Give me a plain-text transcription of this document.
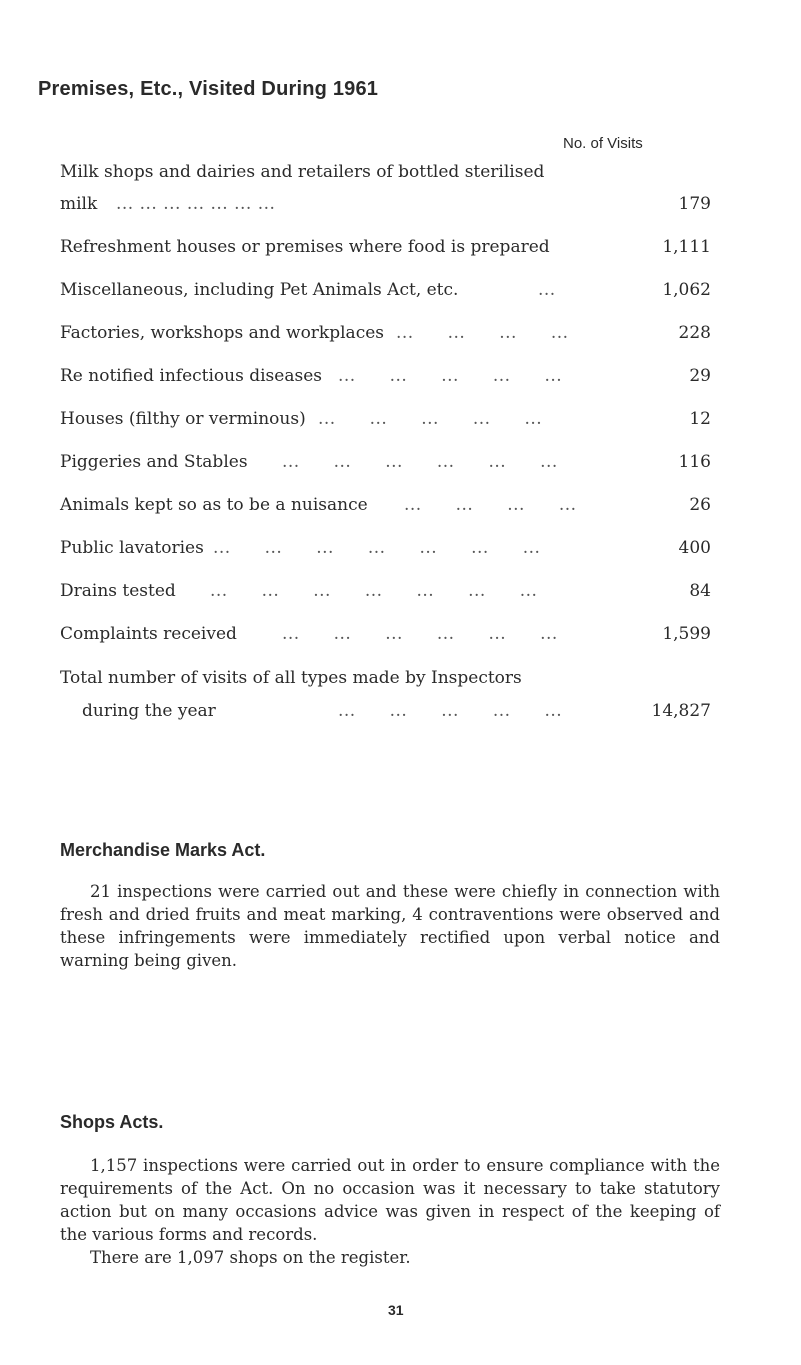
Premises, Etc., Visited During 1961
No. of Visits
Milk shops and dairies and retailers of bottled sterilised
milk ... ... ... ... ... ... ...	179
Refreshment houses or premises where food is prepared	1,111
Miscellaneous, including Pet Animals Act, etc.	...	1,062
Factories, workshops and workplaces ... ... ... ...	228
Re notified infectious diseases ... ... ... ... ...	29
Houses (filthy or verminous) ... ... ... ... ...	12
Piggeries and Stables ... ... ... ... ... ...	116
Animals kept so as to be a nuisance ... ... ... ...	26
Public lavatories ... ... ... ... ... ... ...	400
Drains tested ... ... ... ... ... ... ...	84
Complaints received	... ... ... ... ... ...	1,599
Total number of visits of all types made by Inspectors
during the year	... ... ... ... ...	14,827
Merchandise Marks Act.

21 inspections were carried out and these were chiefly in connection with fresh and dried fruits and meat marking, 4 contraventions were observed and these infringements were immediately rectified upon verbal notice and warning being given.

Shops Acts.

1,157 inspections were carried out in order to ensure compliance with the requirements of the Act. On no occasion was it necessary to take statutory action but on many occasions advice was given in respect of the keeping of the various forms and records.

There are 1,097 shops on the register.

31
